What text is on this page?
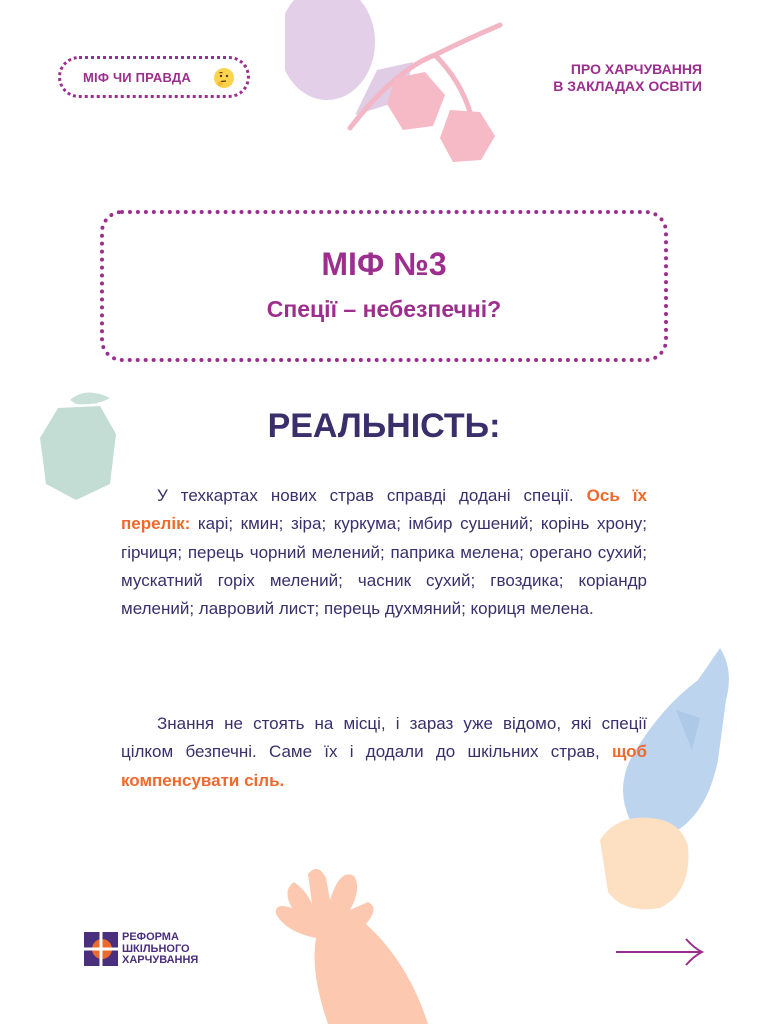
МІФ ЧИ ПРАВДА	ПРО ХАРЧУВАННЯ
В ЗАКЛАДАХ ОСВІТИ
МІФ №3
Спеції – небезпечні?
РЕАЛЬНІСТЬ:
У техкартах нових страв справді додані спеції. Ось їх перелік: карі; кмин; зіра; куркума; імбир сушений; корінь хрону; гірчиця; перець чорний мелений; паприка мелена; орегано сухий; мускатний горіх мелений; часник сухий; гвоздика; коріандр мелений; лавровий лист; перець духмяний; кориця мелена.
Знання не стоять на місці, і зараз уже відомо, які спеції цілком безпечні. Саме їх і додали до шкільних страв, щоб компенсувати сіль.
РЕФОРМА
ШКІЛЬНОГО
ХАРЧУВАННЯ
